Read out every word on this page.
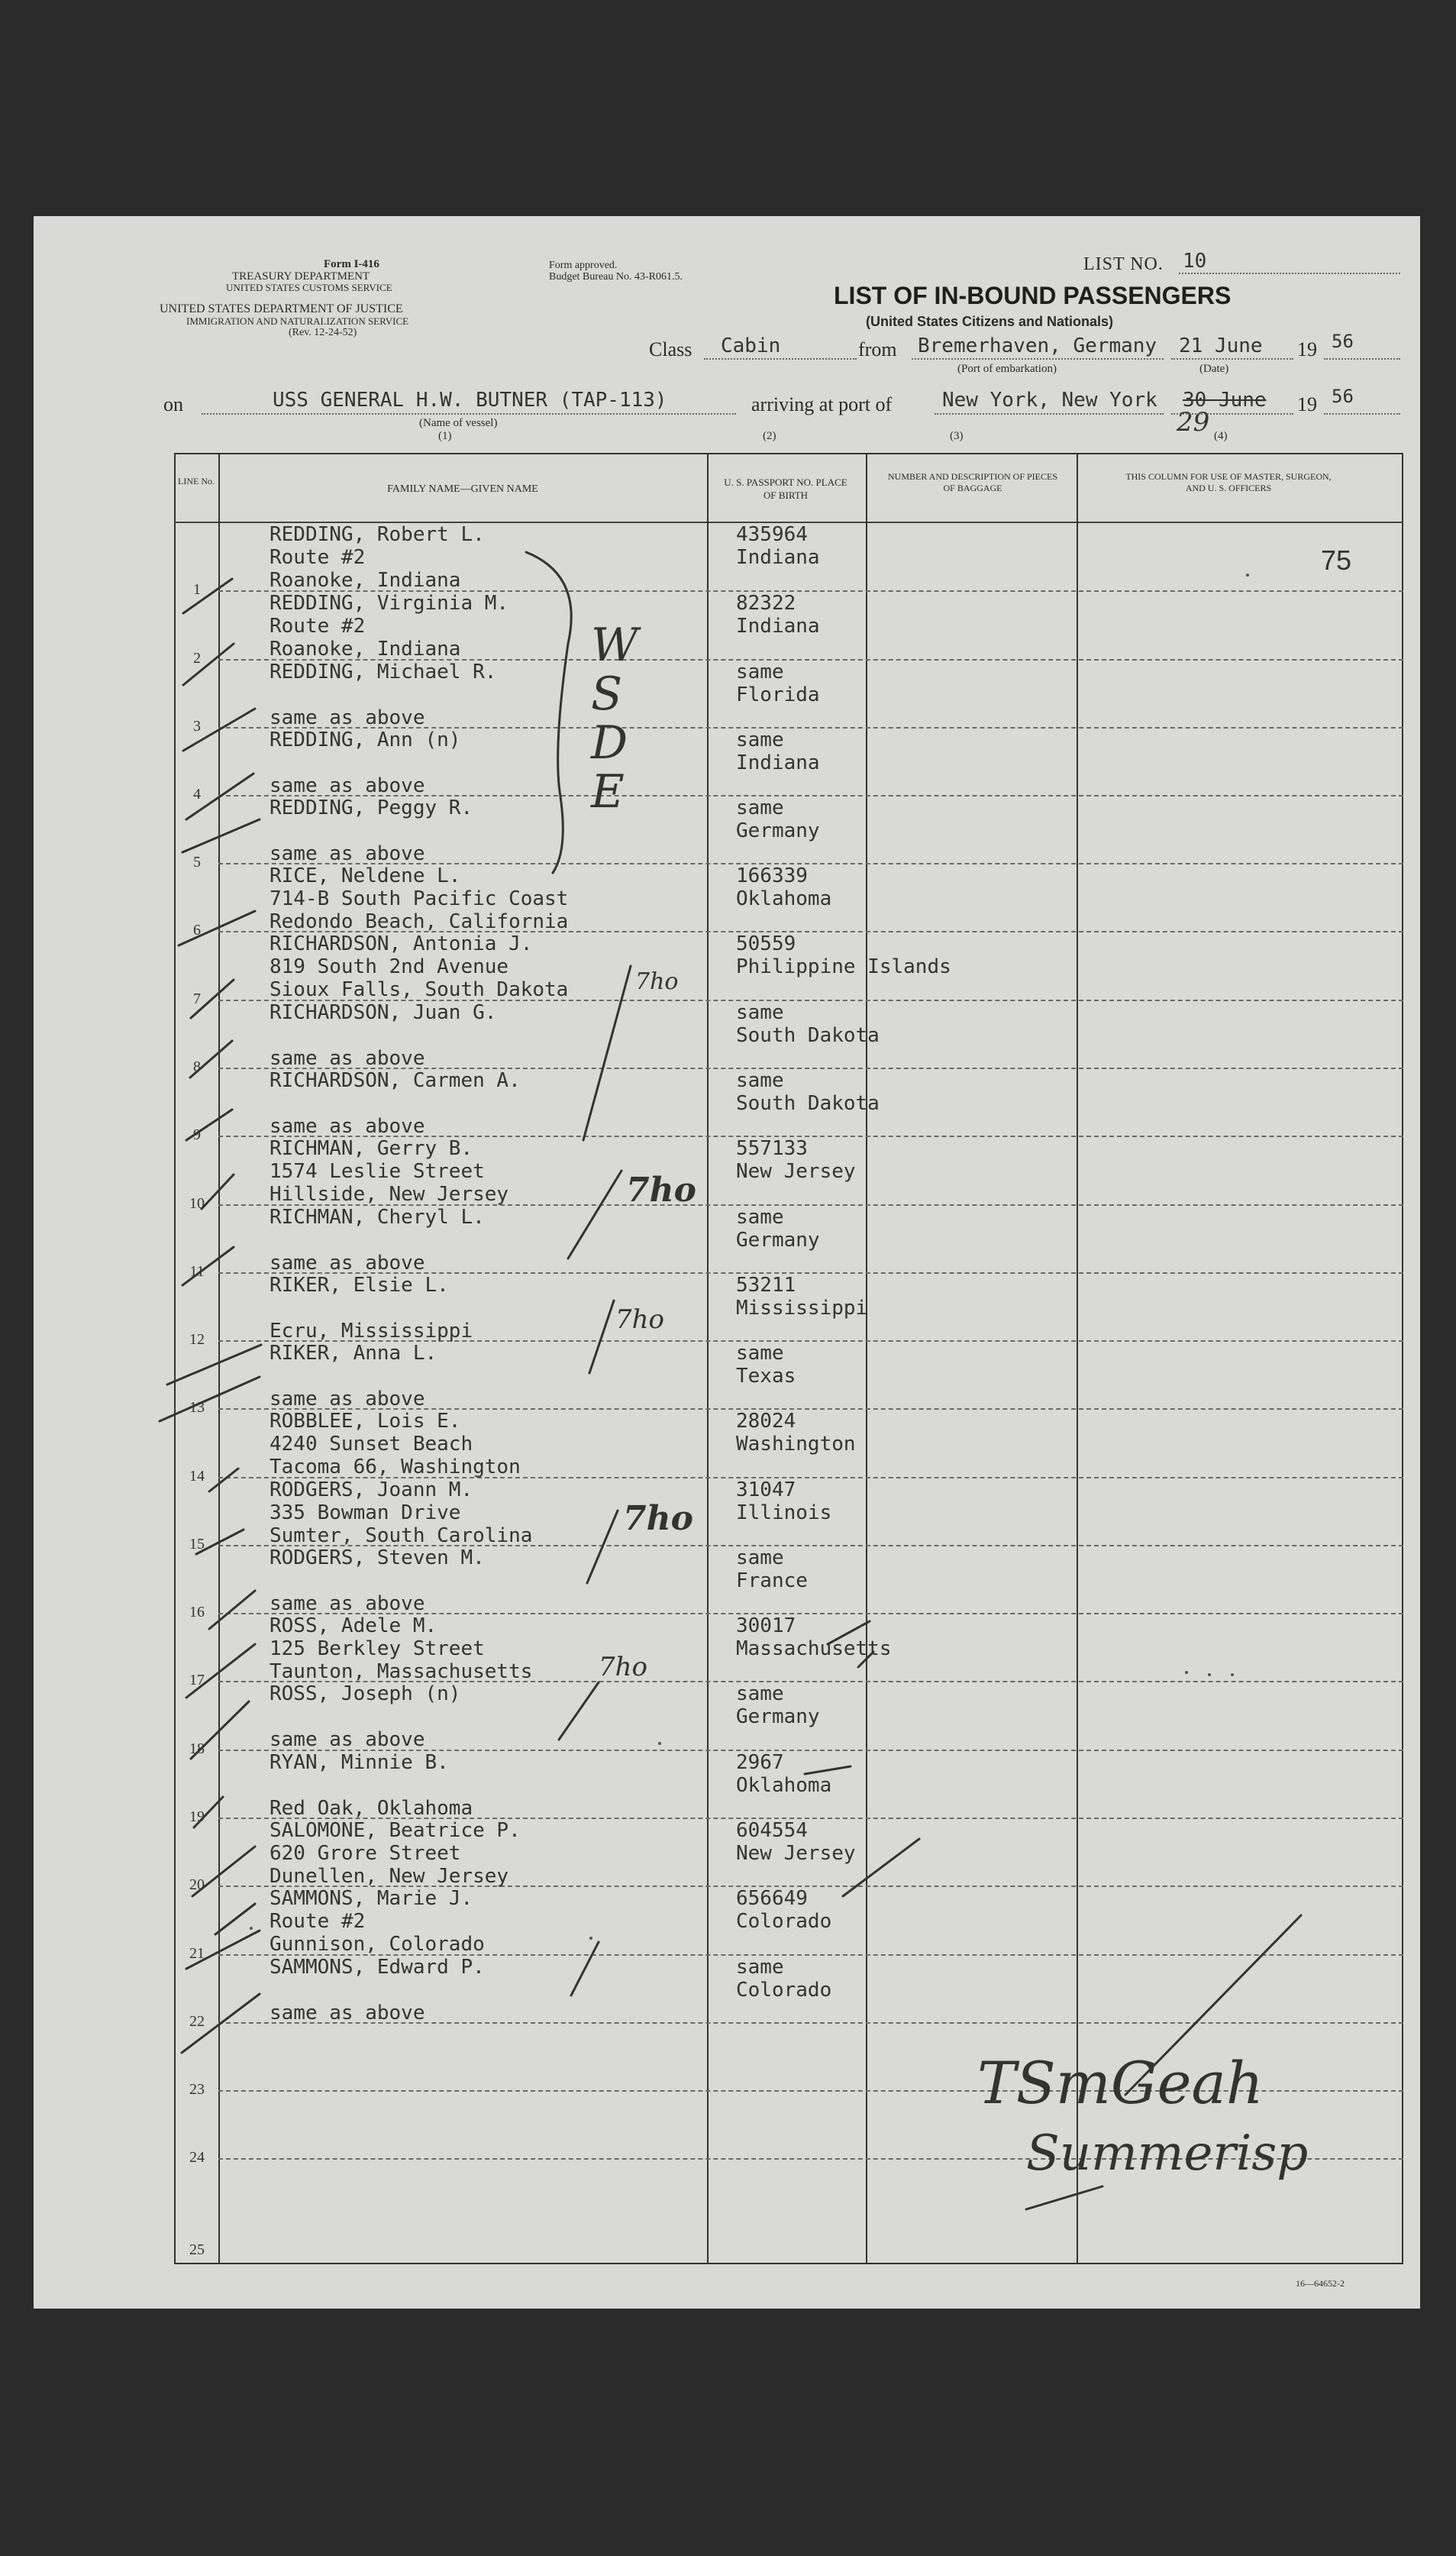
Form I-416
TREASURY DEPARTMENT
UNITED STATES CUSTOMS SERVICE
UNITED STATES DEPARTMENT OF JUSTICE
IMMIGRATION AND NATURALIZATION SERVICE
(Rev. 12-24-52)
Form approved.
Budget Bureau No. 43-R061.5.
LIST NO. 10
LIST OF IN-BOUND PASSENGERS
(United States Citizens and Nationals)
Class Cabin	from Bremerhaven, Germany
(Port of embarkation)
21 June
(Date)
19 56
on	USS GENERAL H.W. BUTNER (TAP-113)
(Name of vessel)
(1)
arriving at port of
(2)
New York, New York
(3)
30 June
29 (4)
19 56
LINE No.
FAMILY NAME—GIVEN NAME
U. S. PASSPORT NO. PLACE OF BIRTH
NUMBER AND DESCRIPTION OF PIECES OF BAGGAGE
THIS COLUMN FOR USE OF MASTER, SURGEON, AND U. S. OFFICERS
75
1
REDDING, Robert L.
Route #2
Roanoke, Indiana
435964
Indiana
2
REDDING, Virginia M.
Route #2
Roanoke, Indiana
82322
Indiana
3
REDDING, Michael R.
same as above
same
Florida
4
REDDING, Ann (n)
same as above
same
Indiana
5
REDDING, Peggy R.
same as above
same
Germany
6
RICE, Neldene L.
714-B South Pacific Coast
Redondo Beach, California
166339
Oklahoma
7
RICHARDSON, Antonia J.
819 South 2nd Avenue
Sioux Falls, South Dakota
50559
Philippine Islands
8
RICHARDSON, Juan G.
same as above
same
South Dakota
9
RICHARDSON, Carmen A.
same as above
same
South Dakota
10
RICHMAN, Gerry B.
1574 Leslie Street
Hillside, New Jersey
557133
New Jersey
11
RICHMAN, Cheryl L.
same as above
same
Germany
12
RIKER, Elsie L.
Ecru, Mississippi
53211
Mississippi
13
RIKER, Anna L.
same as above
same
Texas
14
ROBBLEE, Lois E.
4240 Sunset Beach
Tacoma 66, Washington
28024
Washington
15
RODGERS, Joann M.
335 Bowman Drive
Sumter, South Carolina
31047
Illinois
16
RODGERS, Steven M.
same as above
same
France
17
ROSS, Adele M.
125 Berkley Street
Taunton, Massachusetts
30017
Massachusetts
18
ROSS, Joseph (n)
same as above
same
Germany
19
RYAN, Minnie B.
Red Oak, Oklahoma
2967
Oklahoma
20
SALOMONE, Beatrice P.
620 Grore Street
Dunellen, New Jersey
604554
New Jersey
21
SAMMONS, Marie J.
Route #2
Gunnison, Colorado
656649
Colorado
22
SAMMONS, Edward P.
same as above
same
Colorado
23
24
25
WSDE
7ho
7ho
7ho
7ho
7ho
TSmGeah
Summerisp
16—64652-2
